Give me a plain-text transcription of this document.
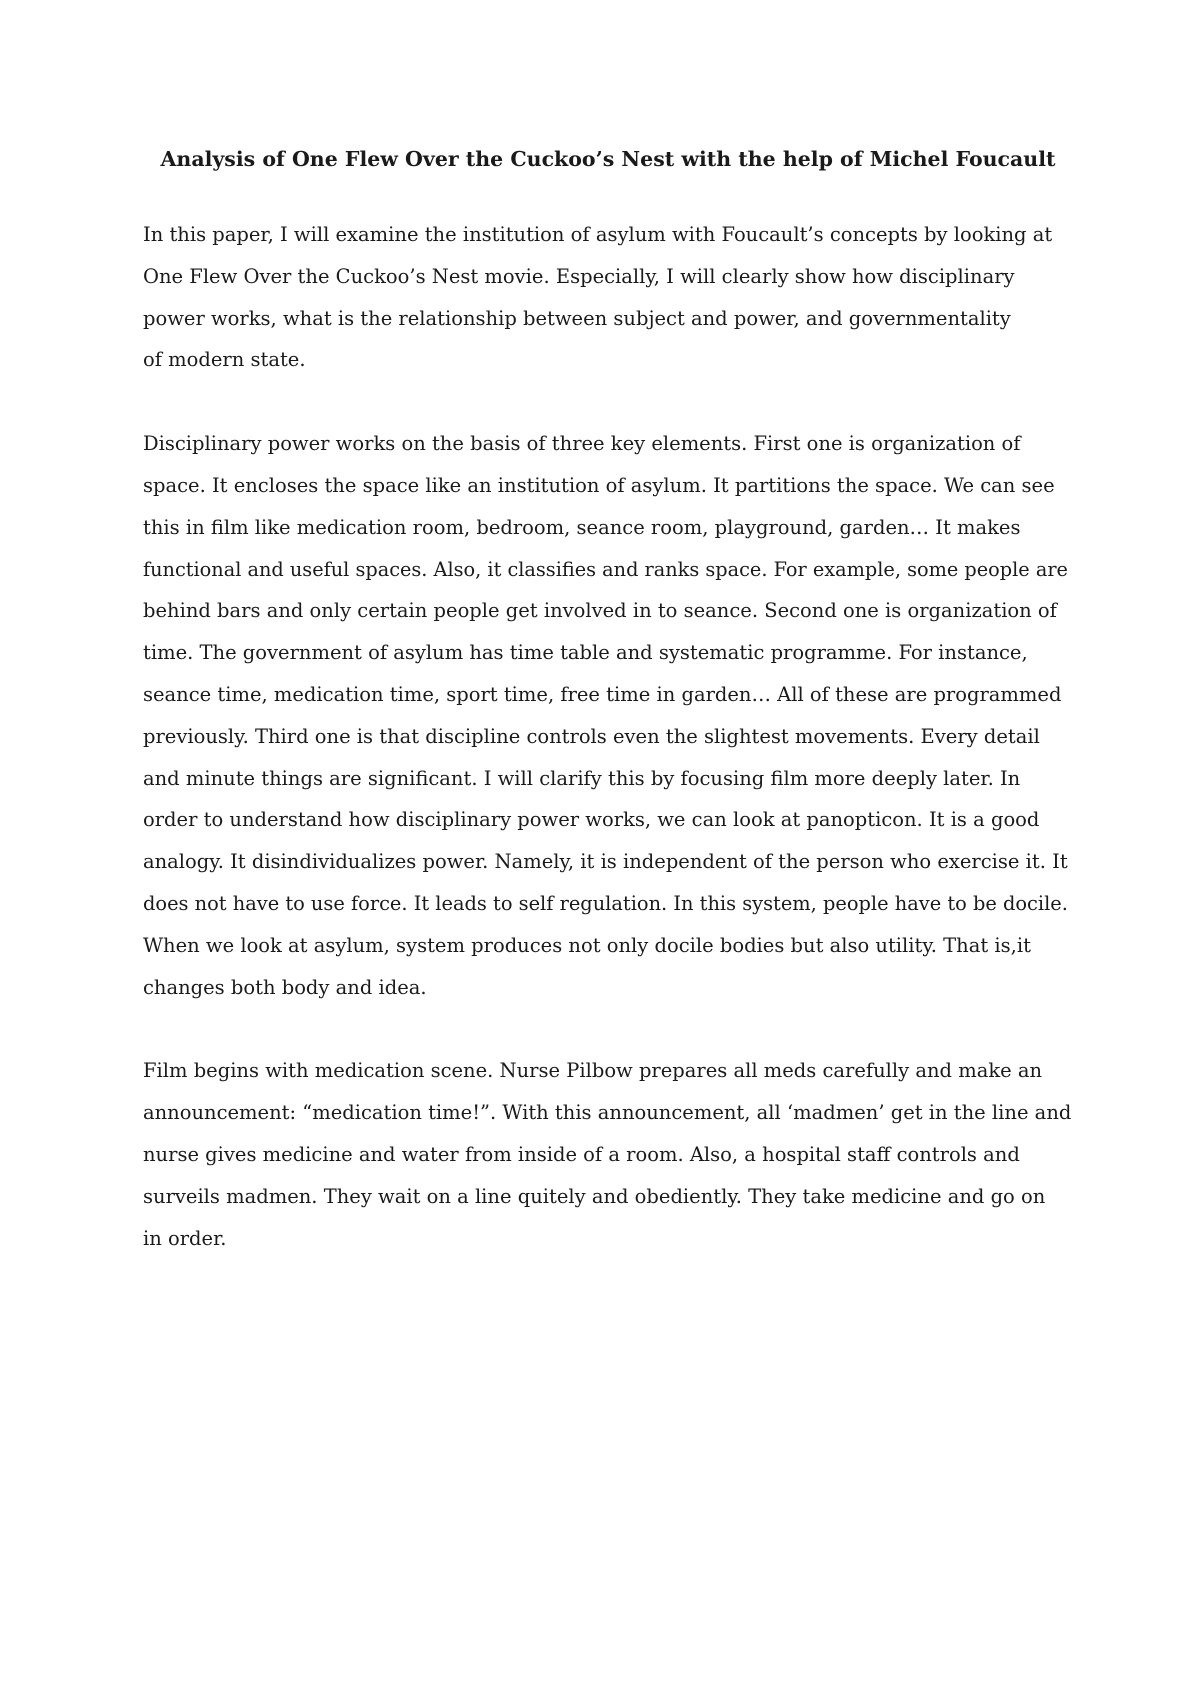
Analysis of One Flew Over the Cuckoo’s Nest with the help of Michel Foucault

In this paper, I will examine the institution of asylum with Foucault’s concepts by looking at
One Flew Over the Cuckoo’s Nest movie. Especially, I will clearly show how disciplinary
power works, what is the relationship between subject and power, and governmentality
of modern state.

Disciplinary power works on the basis of three key elements. First one is organization of
space. It encloses the space like an institution of asylum. It partitions the space. We can see
this in film like medication room, bedroom, seance room, playground, garden… It makes
functional and useful spaces. Also, it classifies and ranks space. For example, some people are
behind bars and only certain people get involved in to seance. Second one is organization of
time. The government of asylum has time table and systematic programme. For instance,
seance time, medication time, sport time, free time in garden… All of these are programmed
previously. Third one is that discipline controls even the slightest movements. Every detail
and minute things are significant. I will clarify this by focusing film more deeply later. In
order to understand how disciplinary power works, we can look at panopticon. It is a good
analogy. It disindividualizes power. Namely, it is independent of the person who exercise it. It
does not have to use force. It leads to self regulation. In this system, people have to be docile.
When we look at asylum, system produces not only docile bodies but also utility. That is,it
changes both body and idea.

Film begins with medication scene. Nurse Pilbow prepares all meds carefully and make an
announcement: “medication time!”. With this announcement, all ‘madmen’ get in the line and
nurse gives medicine and water from inside of a room. Also, a hospital staff controls and
surveils madmen. They wait on a line quitely and obediently. They take medicine and go on
in order.
